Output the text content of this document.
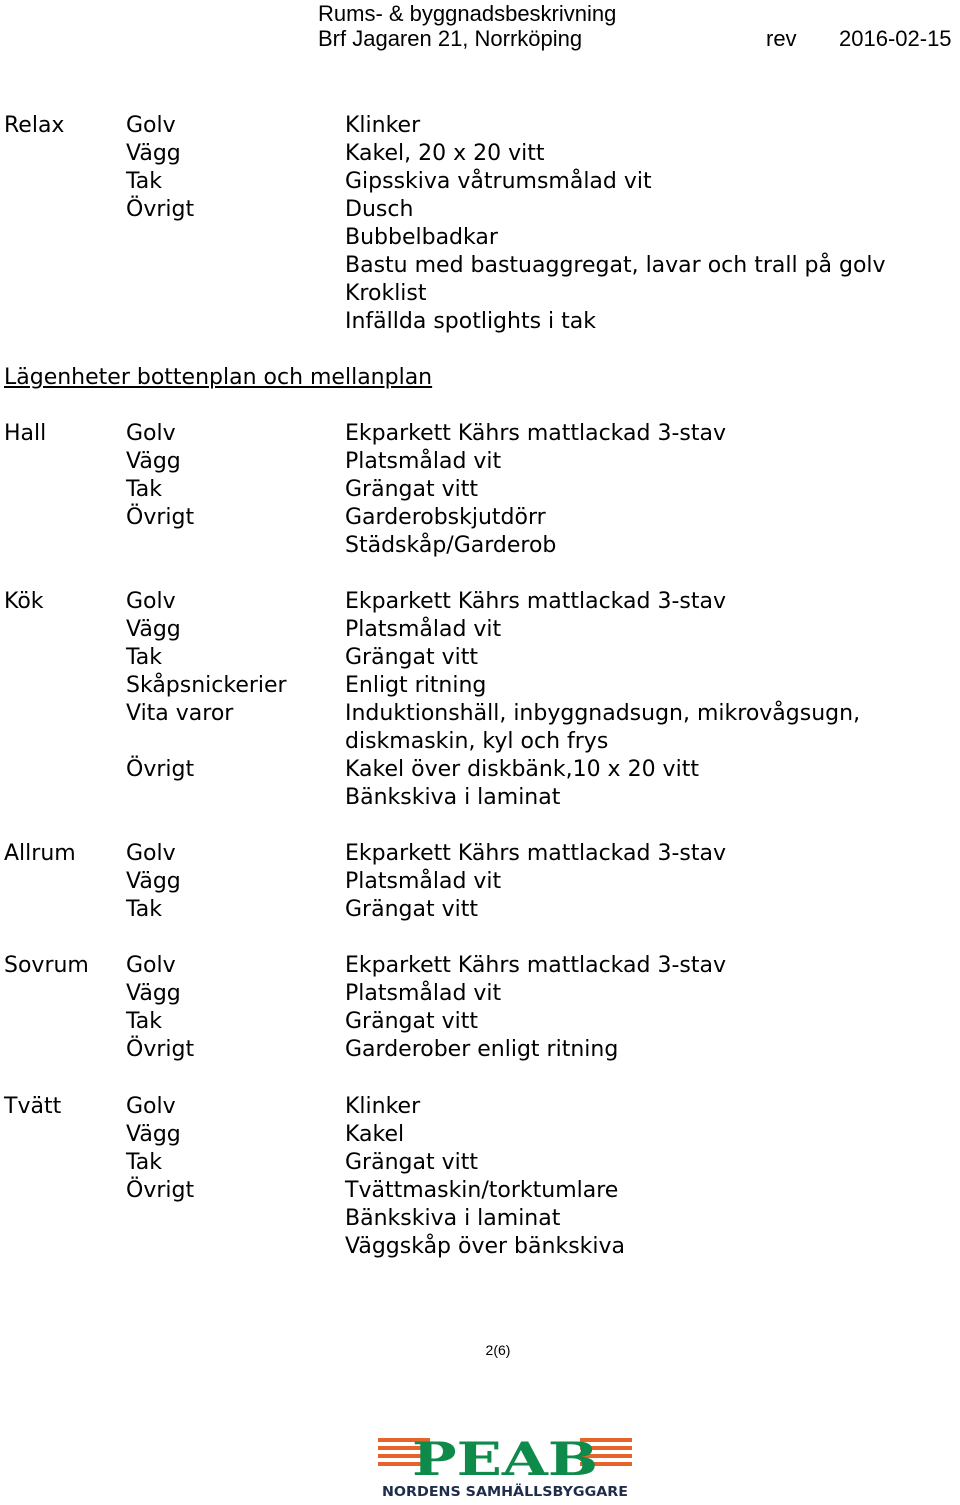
Rums- & byggnadsbeskrivning
Brf Jagaren 21, Norrköping	rev 2016-02-15
Relax	Golv	Klinker
Vägg	Kakel, 20 x 20 vitt
Tak	Gipsskiva våtrumsmålad vit
Övrigt	Dusch
Bubbelbadkar
Bastu med bastuaggregat, lavar och trall på golv
Kroklist
Infällda spotlights i tak
Lägenheter bottenplan och mellanplan
Hall	Golv	Ekparkett Kährs mattlackad 3-stav
Vägg	Platsmålad vit
Tak	Grängat vitt
Övrigt	Garderobskjutdörr
Städskåp/Garderob
Kök	Golv	Ekparkett Kährs mattlackad 3-stav
Vägg	Platsmålad vit
Tak	Grängat vitt
Skåpsnickerier	Enligt ritning
Vita varor	Induktionshäll, inbyggnadsugn, mikrovågsugn,
diskmaskin, kyl och frys
Övrigt	Kakel över diskbänk,10 x 20 vitt
Bänkskiva i laminat
Allrum Golv	Ekparkett Kährs mattlackad 3-stav
Vägg	Platsmålad vit
Tak	Grängat vitt
Sovrum Golv	Ekparkett Kährs mattlackad 3-stav
Vägg	Platsmålad vit
Tak	Grängat vitt
Övrigt	Garderober enligt ritning
Tvätt	Golv	Klinker
Vägg	Kakel
Tak	Grängat vitt
Övrigt	Tvättmaskin/torktumlare
Bänkskiva i laminat
Väggskåp över bänkskiva
2(6)
PEAB
NORDENS SAMHÄLLSBYGGARE
